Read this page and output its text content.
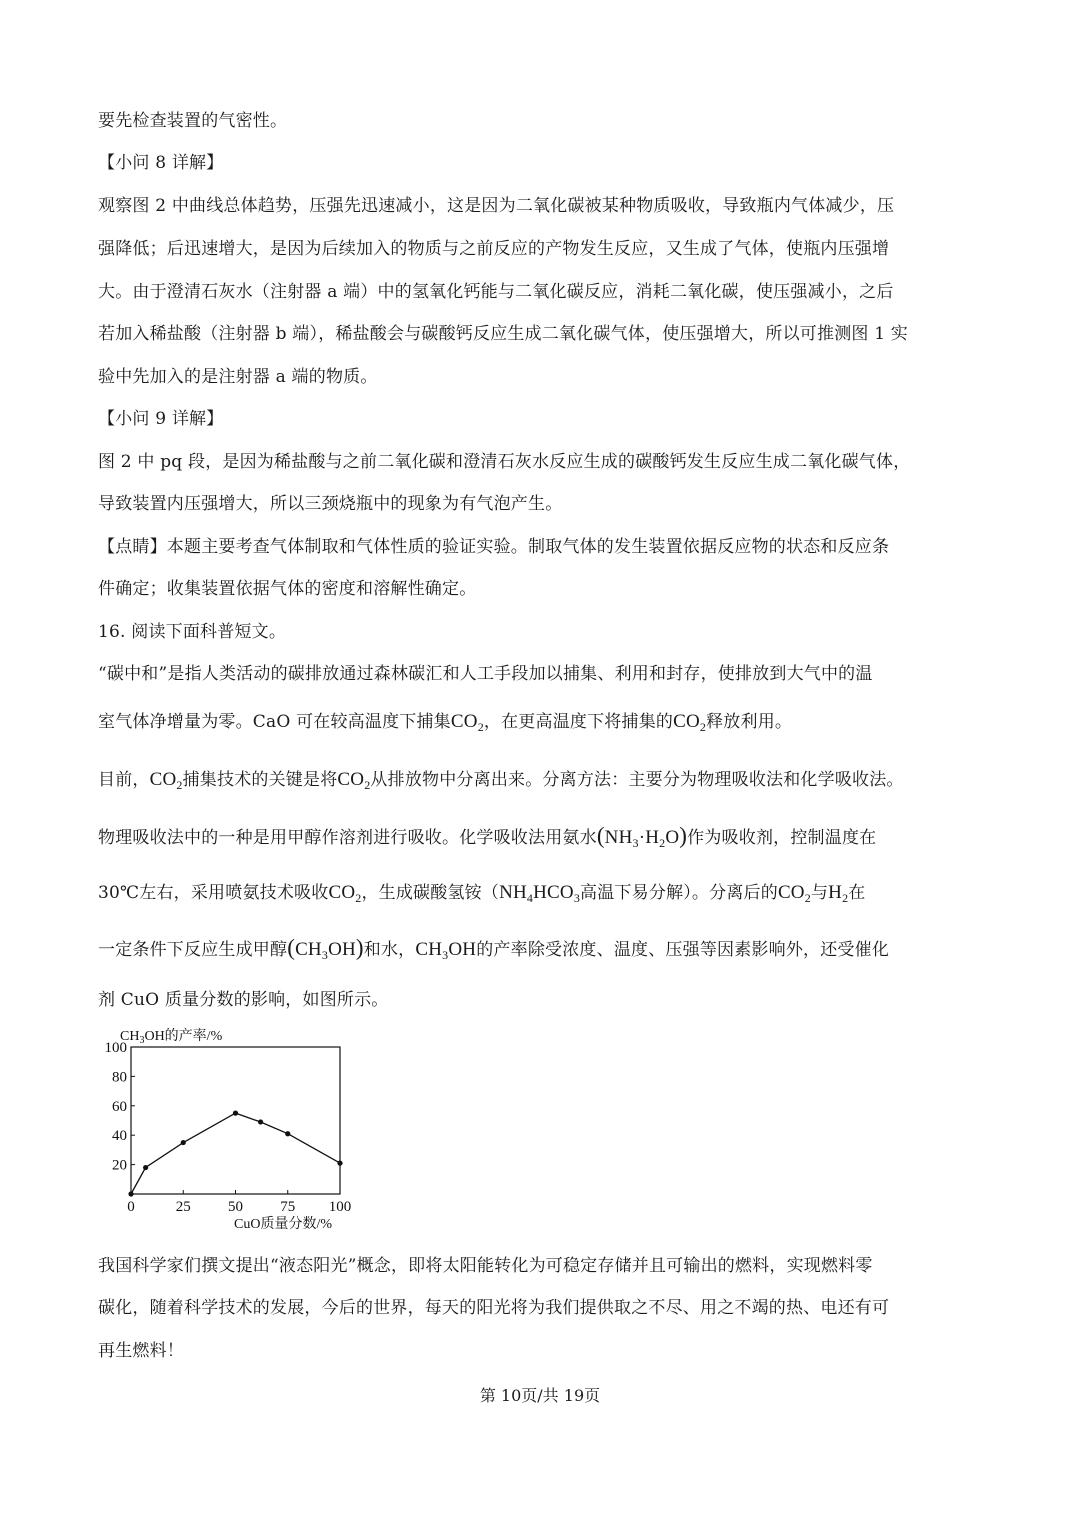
要先检查装置的气密性。
【小问 8 详解】
观察图 2 中曲线总体趋势，压强先迅速减小，这是因为二氧化碳被某种物质吸收，导致瓶内气体减少，压
强降低；后迅速增大，是因为后续加入的物质与之前反应的产物发生反应，又生成了气体，使瓶内压强增
大。由于澄清石灰水（注射器 a 端）中的氢氧化钙能与二氧化碳反应，消耗二氧化碳，使压强减小，之后
若加入稀盐酸（注射器 b 端），稀盐酸会与碳酸钙反应生成二氧化碳气体，使压强增大，所以可推测图 1 实
验中先加入的是注射器 a 端的物质。
【小问 9 详解】
图 2 中 pq 段，是因为稀盐酸与之前二氧化碳和澄清石灰水反应生成的碳酸钙发生反应生成二氧化碳气体，
导致装置内压强增大，所以三颈烧瓶中的现象为有气泡产生。
【点睛】本题主要考查气体制取和气体性质的验证实验。制取气体的发生装置依据反应物的状态和反应条
件确定；收集装置依据气体的密度和溶解性确定。
16. 阅读下面科普短文。
“碳中和”是指人类活动的碳排放通过森林碳汇和人工手段加以捕集、利用和封存，使排放到大气中的温
室气体净增量为零。CaO 可在较高温度下捕集$CO_2$，在更高温度下将捕集的$CO_2$释放利用。
目前，$CO_2$捕集技术的关键是将$CO_2$从排放物中分离出来。分离方法：主要分为物理吸收法和化学吸收法。
物理吸收法中的一种是用甲醇作溶剂进行吸收。化学吸收法用氨水$(NH_3\cdot H_2O)$作为吸收剂，控制温度在
30℃左右，采用喷氨技术吸收$CO_2$，生成碳酸氢铵（$NH_4HCO_3$高温下易分解）。分离后的$CO_2$与$H_2$在
一定条件下反应生成甲醇$(CH_3OH)$和水，$CH_3OH$的产率除受浓度、温度、压强等因素影响外，还受催化
剂 CuO 质量分数的影响，如图所示。
$CH_3OH$的产率/%
20
40
60
80
100
0	25 50 75 100
CuO质量分数/%
我国科学家们撰文提出“液态阳光”概念，即将太阳能转化为可稳定存储并且可输出的燃料，实现燃料零
碳化，随着科学技术的发展，今后的世界，每天的阳光将为我们提供取之不尽、用之不竭的热、电还有可
再生燃料！
第 10页/共 19页
